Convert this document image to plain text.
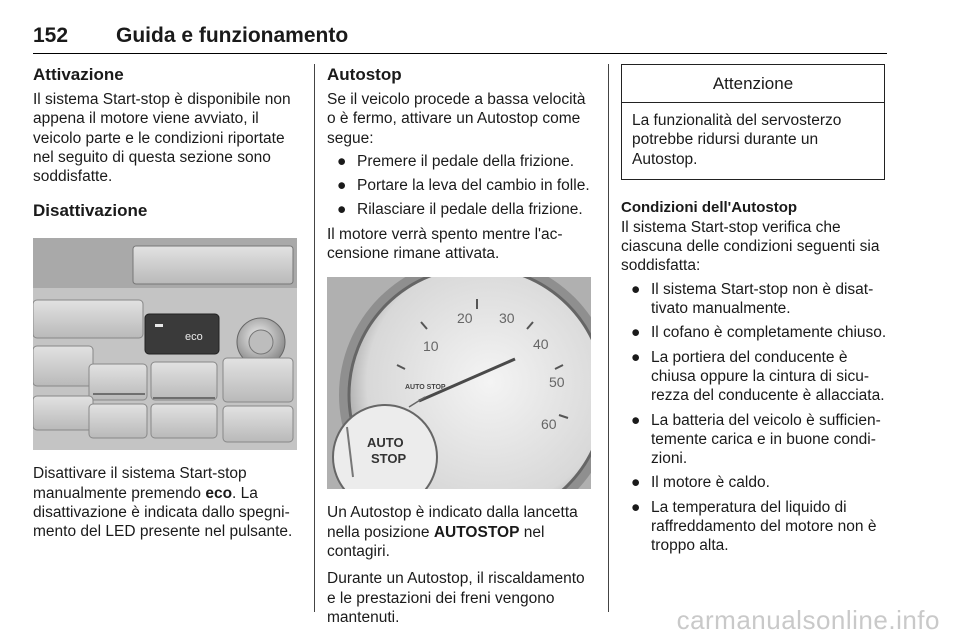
152 Guida e funzionamento
Attivazione

Il sistema Start-stop è disponibile non appena il motore viene avviato, il veicolo parte e le condizioni riportate nel seguito di questa sezione sono soddisfatte.

Disattivazione
eco

Disattivare il sistema Start-stop manualmente premendo eco. La disattivazione è indicata dallo spegnimento del LED presente nel pulsante.

Autostop

Se il veicolo procede a bassa velocità o è fermo, attivare un Autostop come segue:

● Premere il pedale della frizione.
● Portare la leva del cambio in folle.
● Rilasciare il pedale della frizione.

Il motore verrà spento mentre l'accensione rimane attivata.

10
20 30
40
50
60
AUTO STOP
AUTO
STOP

Un Autostop è indicato dalla lancetta nella posizione AUTOSTOP nel contagiri.

Durante un Autostop, il riscaldamento e le prestazioni dei freni vengono mantenuti.

Attenzione
La funzionalità del servosterzo potrebbe ridursi durante un Autostop.
Condizioni dell'Autostop

Il sistema Start-stop verifica che ciascuna delle condizioni seguenti sia soddisfatta:

● Il sistema Start-stop non è disattivato manualmente.
● Il cofano è completamente chiuso.
● La portiera del conducente è chiusa oppure la cintura di sicurezza del conducente è allacciata.
● La batteria del veicolo è sufficientemente carica e in buone condizioni.
● Il motore è caldo.
● La temperatura del liquido di raffreddamento del motore non è troppo alta.
carmanualsonline.info
